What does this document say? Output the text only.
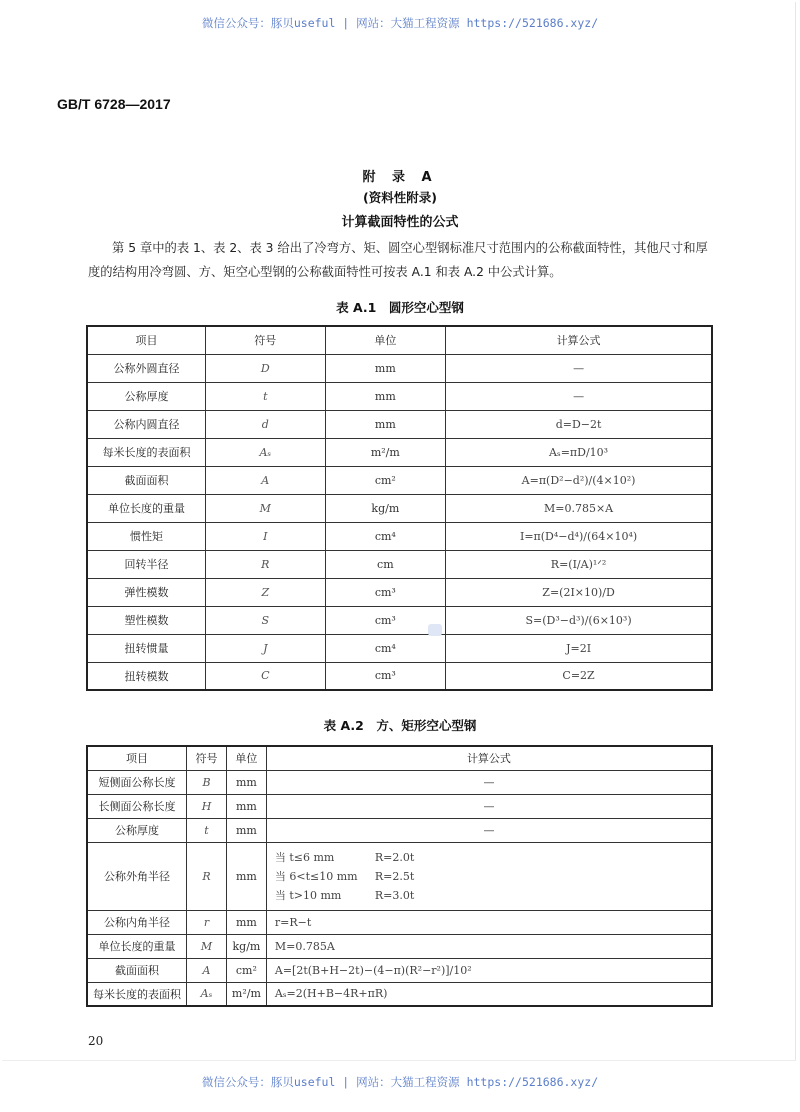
微信公众号：豚贝useful | 网站：大猫工程资源 https://521686.xyz/
GB/T 6728—2017
附 录 A
(资料性附录)
计算截面特性的公式
第 5 章中的表 1、表 2、表 3 给出了冷弯方、矩、圆空心型钢标准尺寸范围内的公称截面特性，其他尺寸和厚度的结构用冷弯圆、方、矩空心型钢的公称截面特性可按表 A.1 和表 A.2 中公式计算。
表 A.1　圆形空心型钢
项目	符号	单位	计算公式
公称外圆直径	D	mm	—
公称厚度	t	mm	—
公称内圆直径	d	mm	d=D−2t
每米长度的表面积	Aₛ	m²/m	Aₛ=πD/10³
截面面积	A	cm²	A=π(D²−d²)/(4×10²)
单位长度的重量	M	kg/m	M=0.785×A
惯性矩	I	cm⁴	I=π(D⁴−d⁴)/(64×10⁴)
回转半径	R	cm	R=(I/A)¹ᐟ²
弹性模数	Z	cm³	Z=(2I×10)/D
塑性模数	S	cm³	S=(D³−d³)/(6×10³)
扭转惯量	J	cm⁴	J=2I
扭转模数	C	cm³	C=2Z
表 A.2　方、矩形空心型钢
项目	符号	单位	计算公式
短侧面公称长度	B	mm	—
长侧面公称长度	H	mm	—
公称厚度	t	mm	—
公称外角半径	R	mm	
当 t≤6 mm	R=2.0t
当 6<t≤10 mm	R=2.5t
当 t>10 mm	R=3.0t

公称内角半径	r	mm	r=R−t
单位长度的重量	M	kg/m	M=0.785A
截面面积	A	cm²	A=[2t(B+H−2t)−(4−π)(R²−r²)]/10²
每米长度的表面积	Aₛ	m²/m	Aₛ=2(H+B−4R+πR)
20
微信公众号：豚贝useful | 网站：大猫工程资源 https://521686.xyz/
